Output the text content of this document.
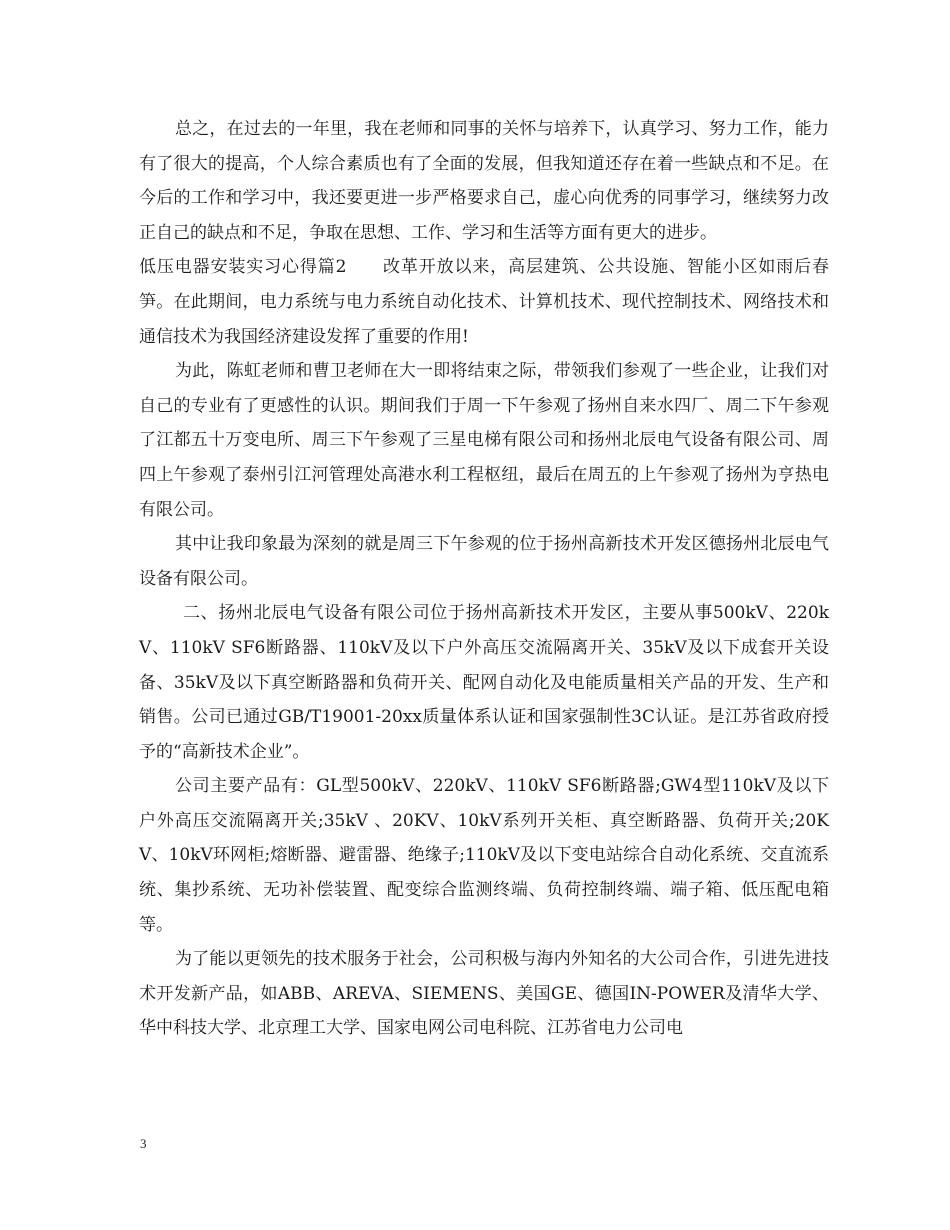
总之，在过去的一年里，我在老师和同事的关怀与培养下，认真学习、努力工作，能力有了很大的提高，个人综合素质也有了全面的发展，但我知道还存在着一些缺点和不足。在今后的工作和学习中，我还要更进一步严格要求自己，虚心向优秀的同事学习，继续努力改正自己的缺点和不足，争取在思想、工作、学习和生活等方面有更大的进步。

低压电器安装实习心得篇2　　改革开放以来，高层建筑、公共设施、智能小区如雨后春笋。在此期间，电力系统与电力系统自动化技术、计算机技术、现代控制技术、网络技术和通信技术为我国经济建设发挥了重要的作用!

为此，陈虹老师和曹卫老师在大一即将结束之际，带领我们参观了一些企业，让我们对自己的专业有了更感性的认识。期间我们于周一下午参观了扬州自来水四厂、周二下午参观了江都五十万变电所、周三下午参观了三星电梯有限公司和扬州北辰电气设备有限公司、周四上午参观了泰州引江河管理处高港水利工程枢纽，最后在周五的上午参观了扬州为亨热电有限公司。

其中让我印象最为深刻的就是周三下午参观的位于扬州高新技术开发区德扬州北辰电气设备有限公司。

二、扬州北辰电气设备有限公司位于扬州高新技术开发区，主要从事500kV、220kV、110kV SF6断路器、110kV及以下户外高压交流隔离开关、35kV及以下成套开关设备、35kV及以下真空断路器和负荷开关、配网自动化及电能质量相关产品的开发、生产和销售。公司已通过GB/T19001-20xx质量体系认证和国家强制性3C认证。是江苏省政府授予的“高新技术企业”。

公司主要产品有：GL型500kV、220kV、110kV SF6断路器;GW4型110kV及以下户外高压交流隔离开关;35kV 、20KV、10kV系列开关柜、真空断路器、负荷开关;20KV、10kV环网柜;熔断器、避雷器、绝缘子;110kV及以下变电站综合自动化系统、交直流系统、集抄系统、无功补偿装置、配变综合监测终端、负荷控制终端、端子箱、低压配电箱等。

为了能以更领先的技术服务于社会，公司积极与海内外知名的大公司合作，引进先进技术开发新产品，如ABB、AREVA、SIEMENS、美国GE、德国IN-POWER及清华大学、华中科技大学、北京理工大学、国家电网公司电科院、江苏省电力公司电

3
